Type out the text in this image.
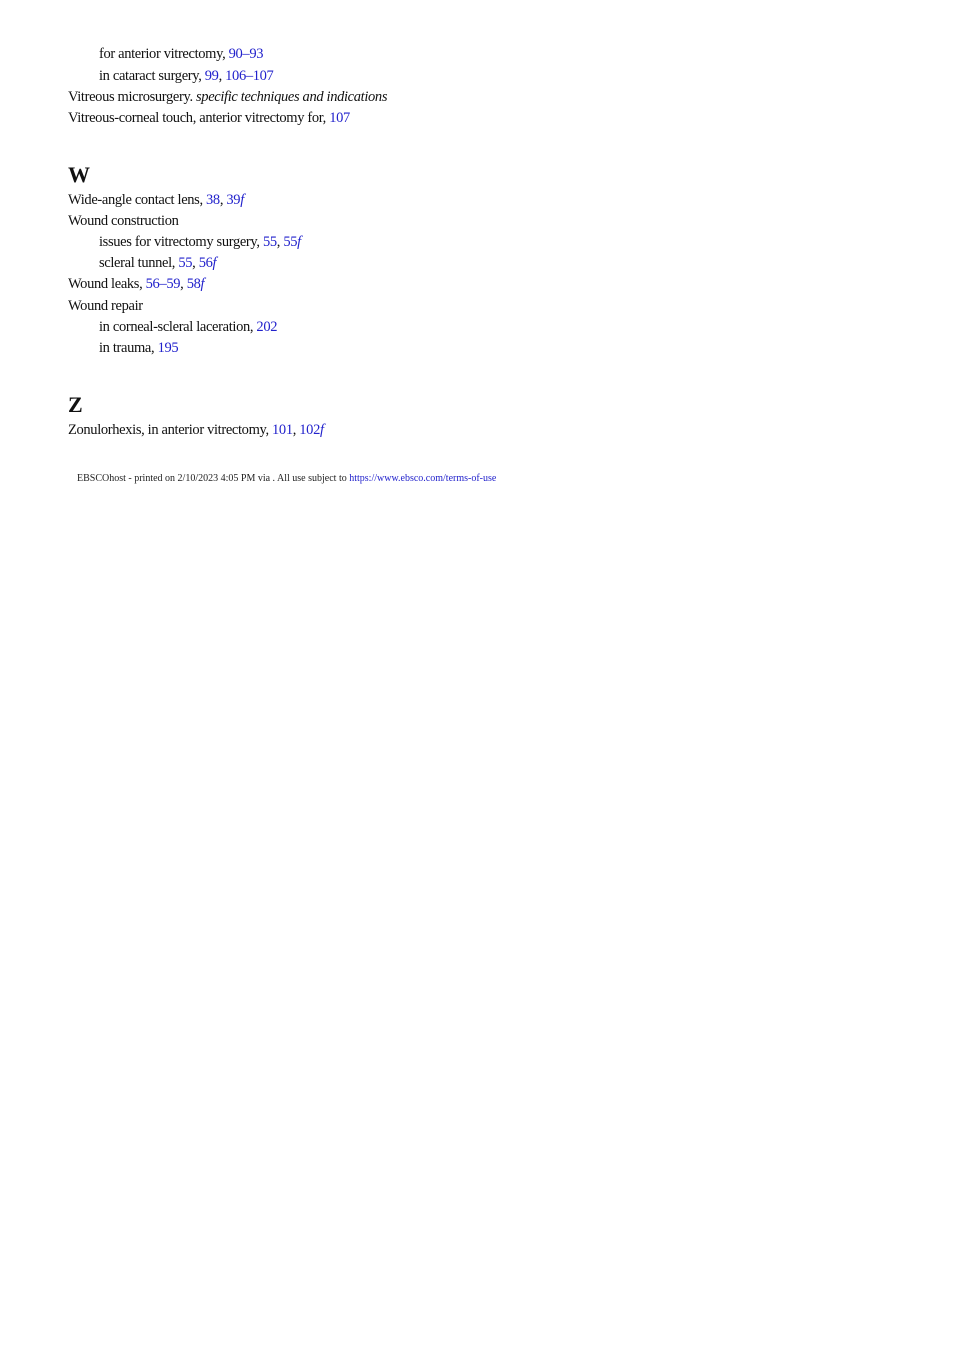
for anterior vitrectomy, 90–93
in cataract surgery, 99, 106–107
Vitreous microsurgery. specific techniques and indications
Vitreous-corneal touch, anterior vitrectomy for, 107
W
Wide-angle contact lens, 38, 39f
Wound construction
issues for vitrectomy surgery, 55, 55f
scleral tunnel, 55, 56f
Wound leaks, 56–59, 58f
Wound repair
in corneal-scleral laceration, 202
in trauma, 195
Z
Zonulorhexis, in anterior vitrectomy, 101, 102f
EBSCOhost - printed on 2/10/2023 4:05 PM via . All use subject to https://www.ebsco.com/terms-of-use
